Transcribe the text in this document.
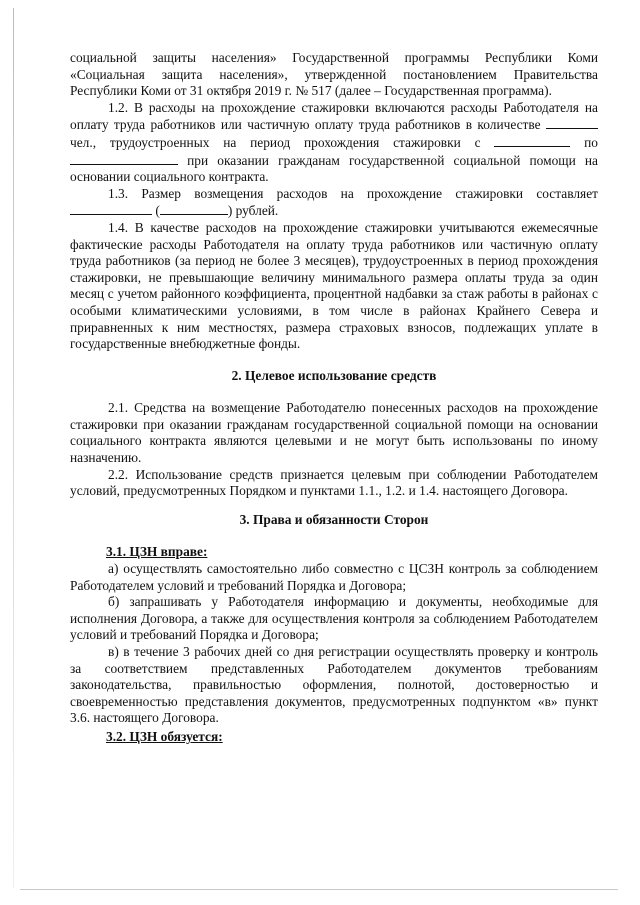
социальной защиты населения» Государственной программы Республики Коми «Социальная защита населения», утвержденной постановлением Правительства Республики Коми от 31 октября 2019 г. № 517 (далее – Государственная программа).

1.2. В расходы на прохождение стажировки включаются расходы Работодателя на оплату труда работников или частичную оплату труда работников в количестве  чел., трудоустроенных на период прохождения стажировки с	по  при оказании гражданам государственной социальной помощи на основании социального контракта.

1.3. Размер возмещения расходов на прохождение стажировки составляет  (	) рублей.

1.4. В качестве расходов на прохождение стажировки учитываются ежемесячные фактические расходы Работодателя на оплату труда работников или частичную оплату труда работников (за период не более 3 месяцев), трудоустроенных в период прохождения стажировки, не превышающие величину минимального размера оплаты труда за один месяц с учетом районного коэффициента, процентной надбавки за стаж работы в районах с особыми климатическими условиями, в том числе в районах Крайнего Севера и приравненных к ним местностях, размера страховых взносов, подлежащих уплате в государственные внебюджетные фонды.

2. Целевое использование средств

2.1. Средства на возмещение Работодателю понесенных расходов на прохождение стажировки при оказании гражданам государственной социальной помощи на основании социального контракта являются целевыми и не могут быть использованы по иному назначению.

2.2. Использование средств признается целевым при соблюдении Работодателем условий, предусмотренных Порядком и пунктами 1.1., 1.2. и 1.4. настоящего Договора.

3. Права и обязанности Сторон

3.1. ЦЗН вправе:

а) осуществлять самостоятельно либо совместно с ЦСЗН контроль за соблюдением Работодателем условий и требований Порядка и Договора;

б) запрашивать у Работодателя информацию и документы, необходимые для исполнения Договора, а также для осуществления контроля за соблюдением Работодателем условий и требований Порядка и Договора;

в) в течение 3 рабочих дней со дня регистрации осуществлять проверку и контроль за соответствием представленных Работодателем документов требованиям законодательства, правильностью оформления, полнотой, достоверностью и своевременностью представления документов, предусмотренных подпунктом «в» пункт 3.6. настоящего Договора.

3.2. ЦЗН обязуется:
